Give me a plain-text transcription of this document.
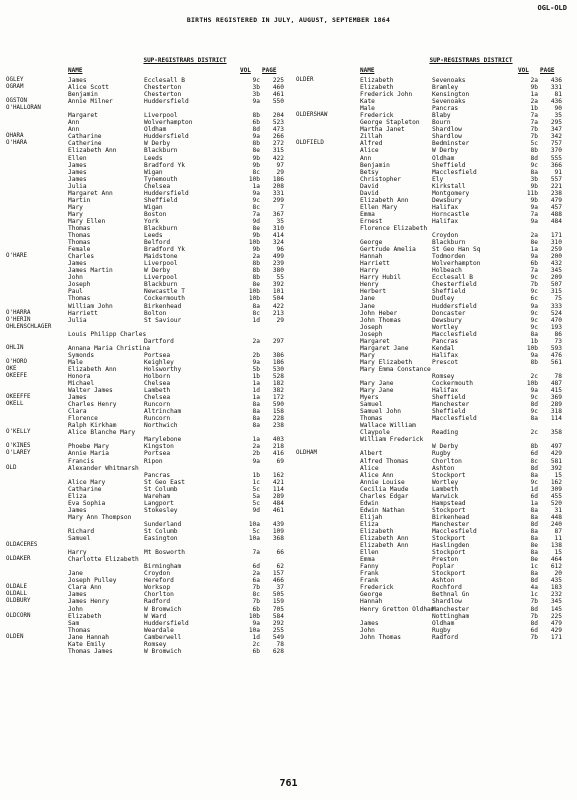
OGL-OLD
BIRTHS REGISTERED IN JULY, AUGUST, SEPTEMBER 1864
NAME
SUP-REGISTRARS DISTRICT
VOL PAGE	NAME
SUP-REGISTRARS DISTRICT
VOL PAGE
OGLEY	James	Ecclesall B	9c	225
OGRAM	Alice Scott	Chesterton	3b	460
Benjamin	Chesterton	3b	461
OGSTON	Annie Milner	Huddersfield	9a	550
O'HALLORAN
Margaret	Liverpool	8b	204
Ann	Wolverhampton	6b	523
Ann	Oldham	8d	473
OHARA	Catharine	Huddersfield	9a	266
O'HARA	Catherine	W Derby	8b	272
Elizabeth Ann	Blackburn	8e	315
Ellen	Leeds	9b	422
James	Bradford Yk	9b	97
James	Wigan	8c	29
James	Tynemouth	10b	186
Julia	Chelsea	1a	208
Margaret Ann	Huddersfield	9a	331
Martin	Sheffield	9c	299
Mary	Wigan	8c	7
Mary	Boston	7a	367
Mary Ellen	York	9d	35
Thomas	Blackburn	8e	310
Thomas	Leeds	9b	414
Thomas	Belford	10b	324
Female	Bradford Yk	9b	96
O'HARE	Charles	Maidstone	2a	499
James	Liverpool	8b	239
James Martin	W Derby	8b	380
John	Liverpool	8b	55
Joseph	Blackburn	8e	392
Paul	Newcastle T	10b	101
Thomas	Cockermouth	10b	504
William John	Birkenhead	8a	422
O'HARRA	Harriett	Bolton	8c	213
O'HERIN	Julia	St Saviour	1d	29
OHLENSCHLAGER
Louis Philipp Charles
Dartford	2a	297
OHLIN	Annana Maria Christina
Symonds	Portsea	2b	386
O'HORO	Male	Keighley	9a	186
OKE	Elizabeth Ann	Holsworthy	5b	530
OKEEFE	Honora	Holborn	1b	528
Michael	Chelsea	1a	182
Walter James	Lambeth	1d	382
OKEEFFE	James	Chelsea	1a	172
OKELL	Charles Henry	Runcorn	8a	590
Clara	Altrincham	8a	158
Florence	Runcorn	8a	228
Ralph Kirkham	Northwich	8a	238
O'KELLY	Alice Blanche Mary
Marylebone	1a	403
O'KINES	Phoebe Mary	Kingston	2a	218
O'LAREY	Annie Maria	Portsea	2b	416
Francis	Ripon	9a	69
OLD	Alexander Whitmarsh
Pancras	1b	162
Alice Mary	St Geo East	1c	421
Catharine	St Columb	5c	114
Eliza	Wareham	5a	289
Eva Sophia	Langport	5c	484
James	Stokesley	9d	461
Mary Ann Thompson
Sunderland	10a	439
Richard	St Columb	5c	109
Samuel	Easington	10a	368
OLDACERES
Harry	Mt Bosworth	7a	66
OLDAKER	Charlotte Elizabeth
Birmingham	6d	62
Jane	Croydon	2a	157
Joseph Pulley	Hereford	6a	466
OLDALE	Clara Ann	Worksop	7b	37
OLDALL	James	Chorlton	8c	505
OLDBURY	James Henry	Radford	7b	159
John	W Bromwich	6b	705
OLDCORN	Elizabeth	W Ward	10b	584
Sam	Huddersfield	9a	292
Thomas	Weardale	10a	255
OLDEN	Jane Hannah	Camberwell	1d	549
Kate Emily	Romsey	2c	78
Thomas James	W Bromwich	6b	628
OLDER	Elizabeth	Sevenoaks	2a	436
Elizabeth	Bramley	9b	331
Frederick John	Kensington	1a	81
Kate	Sevenoaks	2a	436
Male	Pancras	1b	90
OLDERSHAW	Frederick	Blaby	7a	35
George Stapleton Bourn	7a	295
Martha Janet	Shardlow	7b	347
Zillah	Shardlow	7b	342
OLDFIELD	Alfred	Bedminster	5c	757
Alice	W Derby	8b	370
Ann	Oldham	8d	555
Benjamin	Sheffield	9c	366
Betsy	Macclesfield	8a	91
Christopher	Ely	3b	557
David	Kirkstall	9b	221
David	Montgomery	11b	238
Elizabeth Ann	Dewsbury	9b	479
Ellen Mary	Halifax	9a	457
Emma	Horncastle	7a	488
Ernest	Halifax	9a	484
Florence Elizabeth
Croydon	2a	171
George	Blackburn	8e	310
Gertrude Amelia	St Geo Han Sq	1a	259
Hannah	Todmorden	9a	200
Harriett	Wolverhampton	6b	432
Harry	Holbeach	7a	345
Harry Hubil	Ecclesall B	9c	209
Henry	Chesterfield	7b	507
Herbert	Sheffield	9c	315
Jane	Dudley	6c	75
Jane	Huddersfield	9a	333
John Heber	Doncaster	9c	524
John Thomas	Dewsbury	9c	470
Joseph	Wortley	9c	193
Joseph	Macclesfield	8a	86
Margaret	Pancras	1b	73
Margaret Jane	Kendal	10b	593
Mary	Halifax	9a	476
Mary Elizabeth	Prescot	8b	561
Mary Emma Constance
Romsey	2c	78
Mary Jane	Cockermouth	10b	487
Mary Jane	Halifax	9a	415
Myers	Sheffield	9c	369
Samuel	Manchester	8d	289
Samuel John	Sheffield	9c	318
Thomas	Macclesfield	8a	114
Wallace William
Claypole	Reading	2c	358
William Frederick
W Derby	8b	497
OLDHAM	Albert	Rugby	6d	429
Alfred Thomas	Chorlton	8c	581
Alice	Ashton	8d	392
Alice Ann	Stockport	8a	15
Annie Louise	Wortley	9c	162
Cecilia Maude	Lambeth	1d	309
Charles Edgar	Warwick	6d	455
Edwin	Hampstead	1a	520
Edwin Nathan	Stockport	8a	31
Elijah	Birkenhead	8a	448
Eliza	Manchester	8d	240
Elizabeth	Macclesfield	8a	87
Elizabeth Ann	Stockport	8a	11
Elizabeth Ann	Haslingden	8e	138
Ellen	Stockport	8a	15
Emma	Preston	8e	464
Fanny	Poplar	1c	612
Frank	Stockport	8a	20
Frank	Ashton	8d	435
Frederick	Rochford	4a	183
George	Bethnal Gn	1c	232
Hannah	Shardlow	7b	345
Henry Gretton Oldham
Manchester	8d	145
Nottingham	7b	225
James	Oldham	8d	479
John	Rugby	6d	429
John Thomas	Radford	7b	171
761
